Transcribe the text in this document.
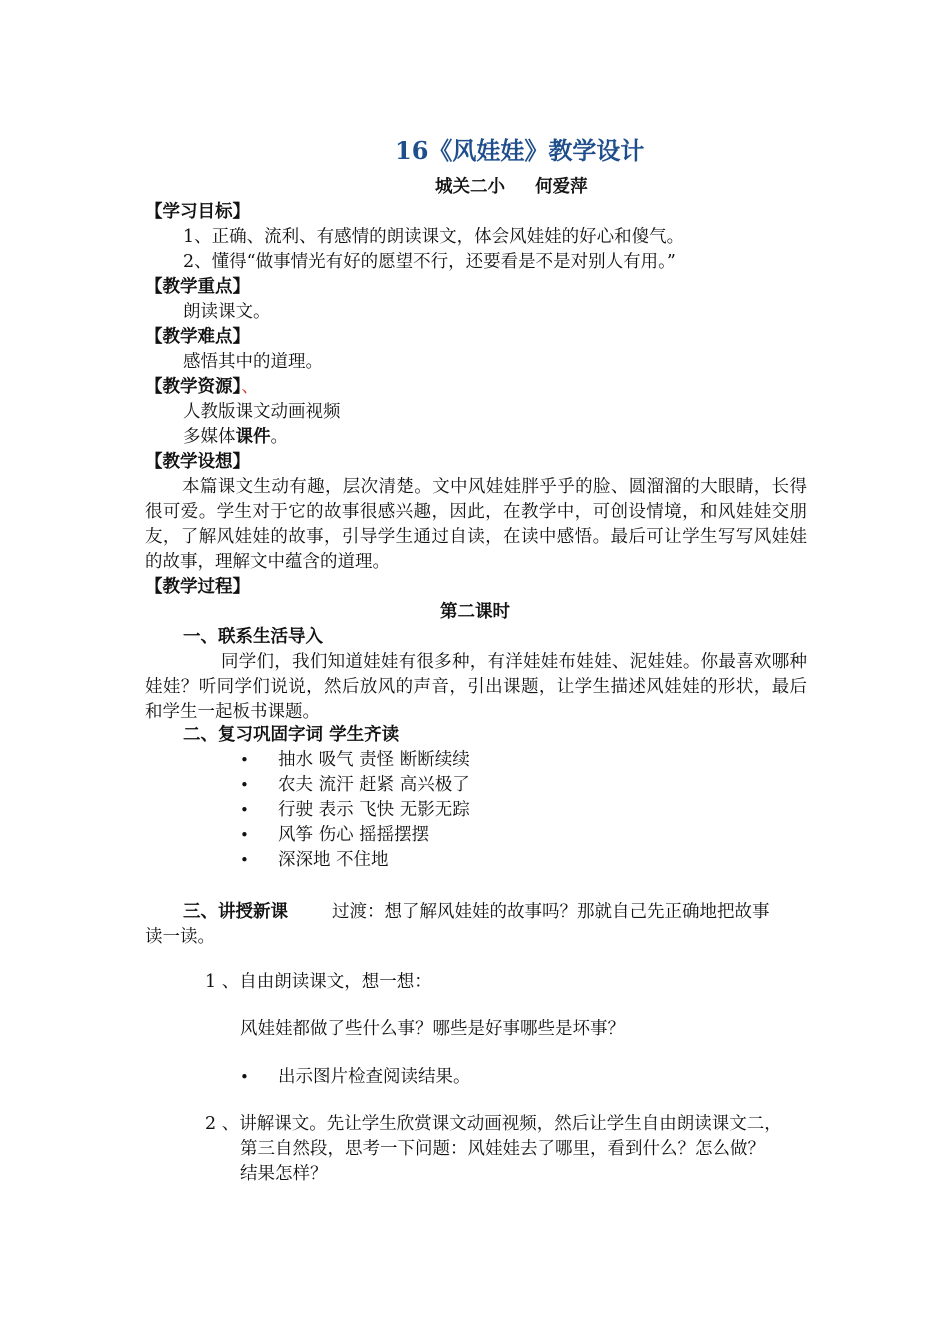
16《风娃娃》教学设计
城关二小 何爱萍
【学习目标】
1、正确、流利、有感情的朗读课文，体会风娃娃的好心和傻气。
2、懂得“做事情光有好的愿望不行，还要看是不是对别人有用。”
【教学重点】
朗读课文。
【教学难点】
感悟其中的道理。
【教学资源】、
人教版课文动画视频
多媒体课件。
【教学设想】
本篇课文生动有趣，层次清楚。文中风娃娃胖乎乎的脸、圆溜溜的大眼睛，长得很可爱。学生对于它的故事很感兴趣，因此，在教学中，可创设情境，和风娃娃交朋友，了解风娃娃的故事，引导学生通过自读，在读中感悟。最后可让学生写写风娃娃的故事，理解文中蕴含的道理。
【教学过程】
第二课时
一、联系生活导入
同学们，我们知道娃娃有很多种，有洋娃娃布娃娃、泥娃娃。你最喜欢哪种娃娃？听同学们说说，然后放风的声音，引出课题，让学生描述风娃娃的形状，最后和学生一起板书课题。
二、复习巩固字词 学生齐读
• 抽水 吸气 责怪 断断续续
• 农夫 流汗 赶紧 高兴极了
• 行驶 表示 飞快 无影无踪
• 风筝 伤心 摇摇摆摆
• 深深地 不住地
三、讲授新课	过渡：想了解风娃娃的故事吗？那就自己先正确地把故事
读一读。
1 、自由朗读课文，想一想：
风娃娃都做了些什么事？哪些是好事哪些是坏事？
• 出示图片检查阅读结果。
2 、讲解课文。先让学生欣赏课文动画视频，然后让学生自由朗读课文二，
第三自然段，思考一下问题：风娃娃去了哪里，看到什么？怎么做？
结果怎样？
